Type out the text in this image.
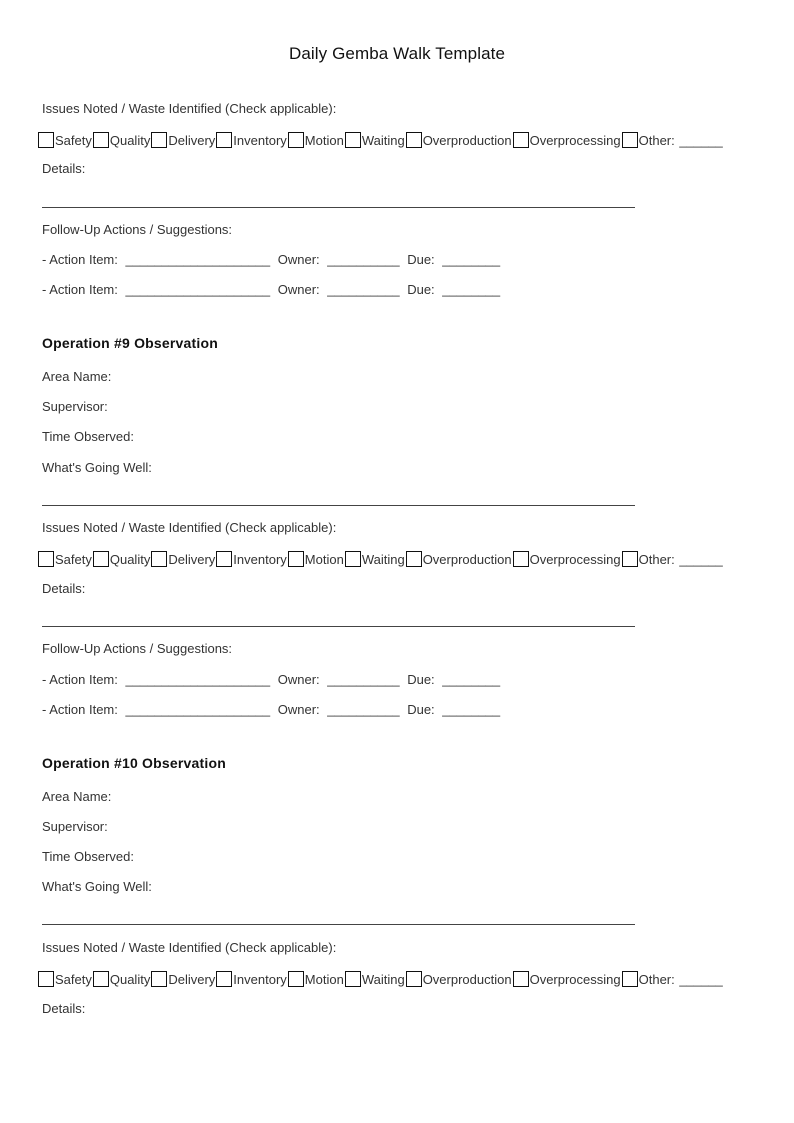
Daily Gemba Walk Template
Issues Noted / Waste Identified (Check applicable):
Safety Quality Delivery Inventory Motion Waiting Overproduction Overprocessing Other:
______
Details:
Follow-Up Actions / Suggestions:
- Action Item: ____________________ Owner: __________ Due: ________
- Action Item: ____________________ Owner: __________ Due: ________
Operation #9 Observation
Area Name:
Supervisor:
Time Observed:
What's Going Well:
Issues Noted / Waste Identified (Check applicable):
Safety Quality Delivery Inventory Motion Waiting Overproduction Overprocessing Other:
______
Details:
Follow-Up Actions / Suggestions:
- Action Item: ____________________ Owner: __________ Due: ________
- Action Item: ____________________ Owner: __________ Due: ________
Operation #10 Observation
Area Name:
Supervisor:
Time Observed:
What's Going Well:
Issues Noted / Waste Identified (Check applicable):
Safety Quality Delivery Inventory Motion Waiting Overproduction Overprocessing Other:
______
Details:
